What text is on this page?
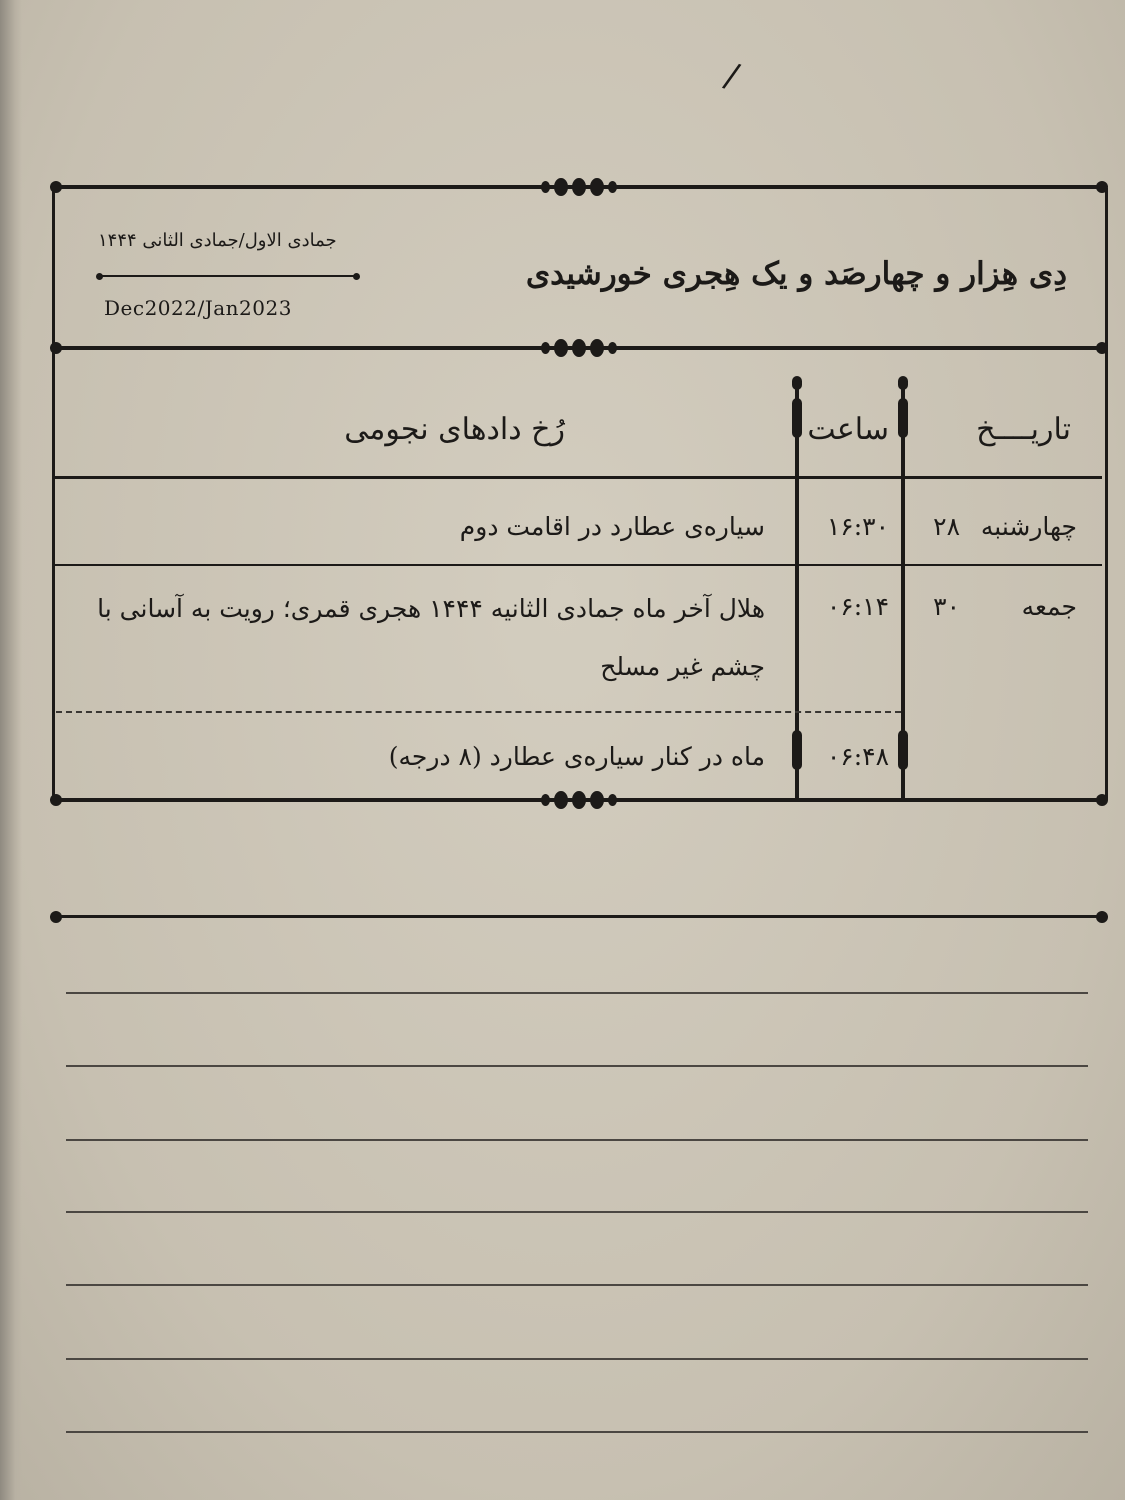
/
دِی هِزار و چهارصَد و یک هِجری خورشیدی
جمادی الاول/جمادی الثانی ۱۴۴۴
Dec2022/Jan2023
تاریــــخ
ساعت
رُخ دادهای نجومی
چهارشنبه
۲۸
۱۶:۳۰
سیاره‌ی عطارد در اقامت دوم
جمعه
۳۰
۰۶:۱۴
هلال آخر ماه جمادی الثانیه ۱۴۴۴ هجری قمری؛ رویت به آسانی با چشم غیر مسلح
۰۶:۴۸
ماه در کنار سیاره‌ی عطارد (۸ درجه)
